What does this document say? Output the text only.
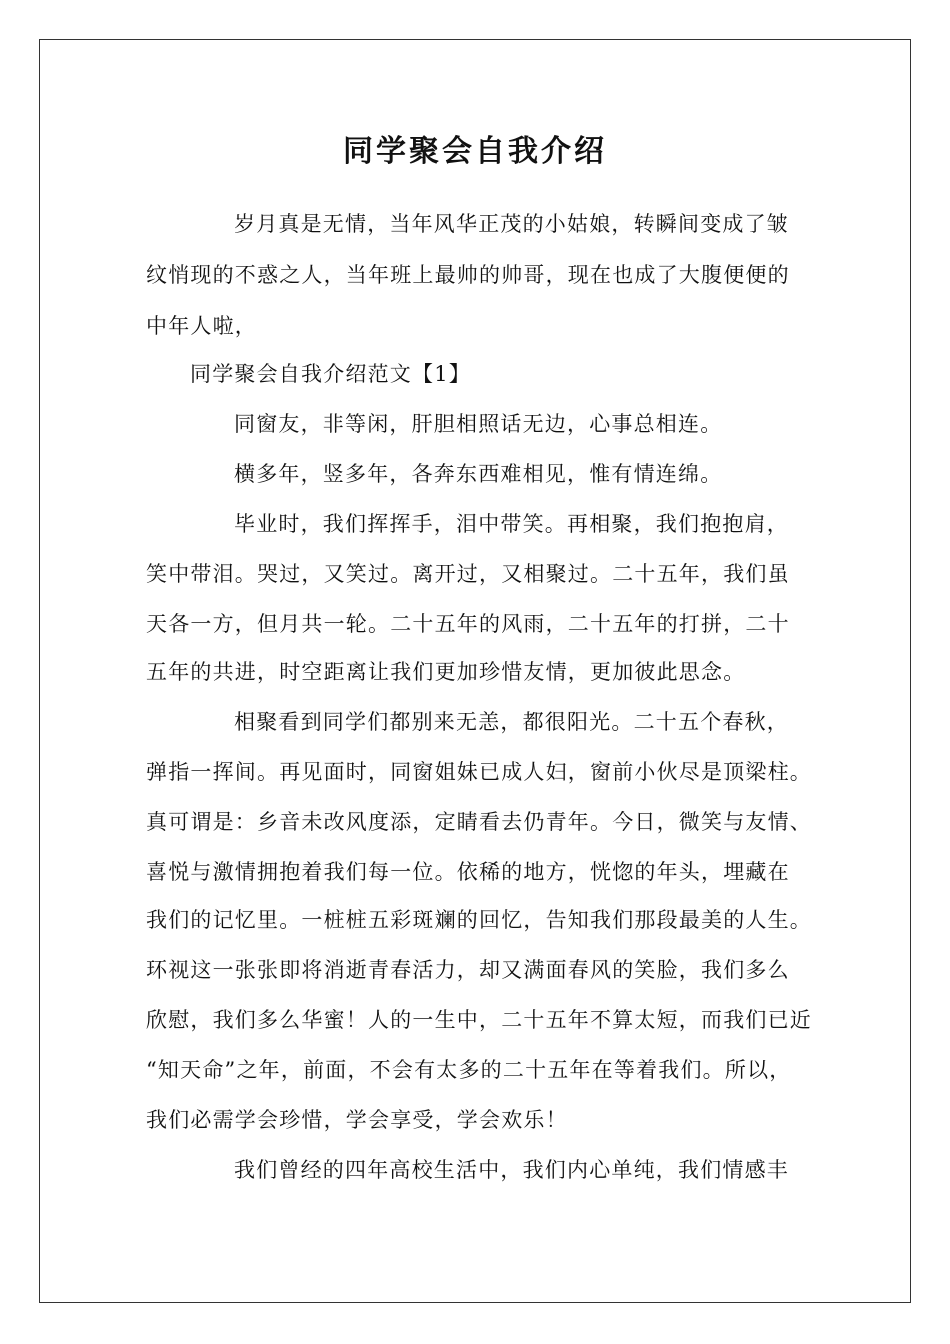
同学聚会自我介绍
岁月真是无情，当年风华正茂的小姑娘，转瞬间变成了皱
纹悄现的不惑之人，当年班上最帅的帅哥，现在也成了大腹便便的
中年人啦，
同学聚会自我介绍范文【1】
同窗友，非等闲，肝胆相照话无边，心事总相连。
横多年，竖多年，各奔东西难相见，惟有情连绵。
毕业时，我们挥挥手，泪中带笑。再相聚，我们抱抱肩，
笑中带泪。哭过，又笑过。离开过，又相聚过。二十五年，我们虽
天各一方，但月共一轮。二十五年的风雨，二十五年的打拼，二十
五年的共进，时空距离让我们更加珍惜友情，更加彼此思念。
相聚看到同学们都别来无恙，都很阳光。二十五个春秋，
弹指一挥间。再见面时，同窗姐妹已成人妇，窗前小伙尽是顶梁柱。
真可谓是：乡音未改风度添，定睛看去仍青年。今日，微笑与友情、
喜悦与激情拥抱着我们每一位。依稀的地方，恍惚的年头，埋藏在
我们的记忆里。一桩桩五彩斑斓的回忆，告知我们那段最美的人生。
环视这一张张即将消逝青春活力，却又满面春风的笑脸，我们多么
欣慰，我们多么华蜜！人的一生中，二十五年不算太短，而我们已近
“知天命”之年，前面，不会有太多的二十五年在等着我们。所以，
我们必需学会珍惜，学会享受，学会欢乐！
我们曾经的四年高校生活中，我们内心单纯，我们情感丰
